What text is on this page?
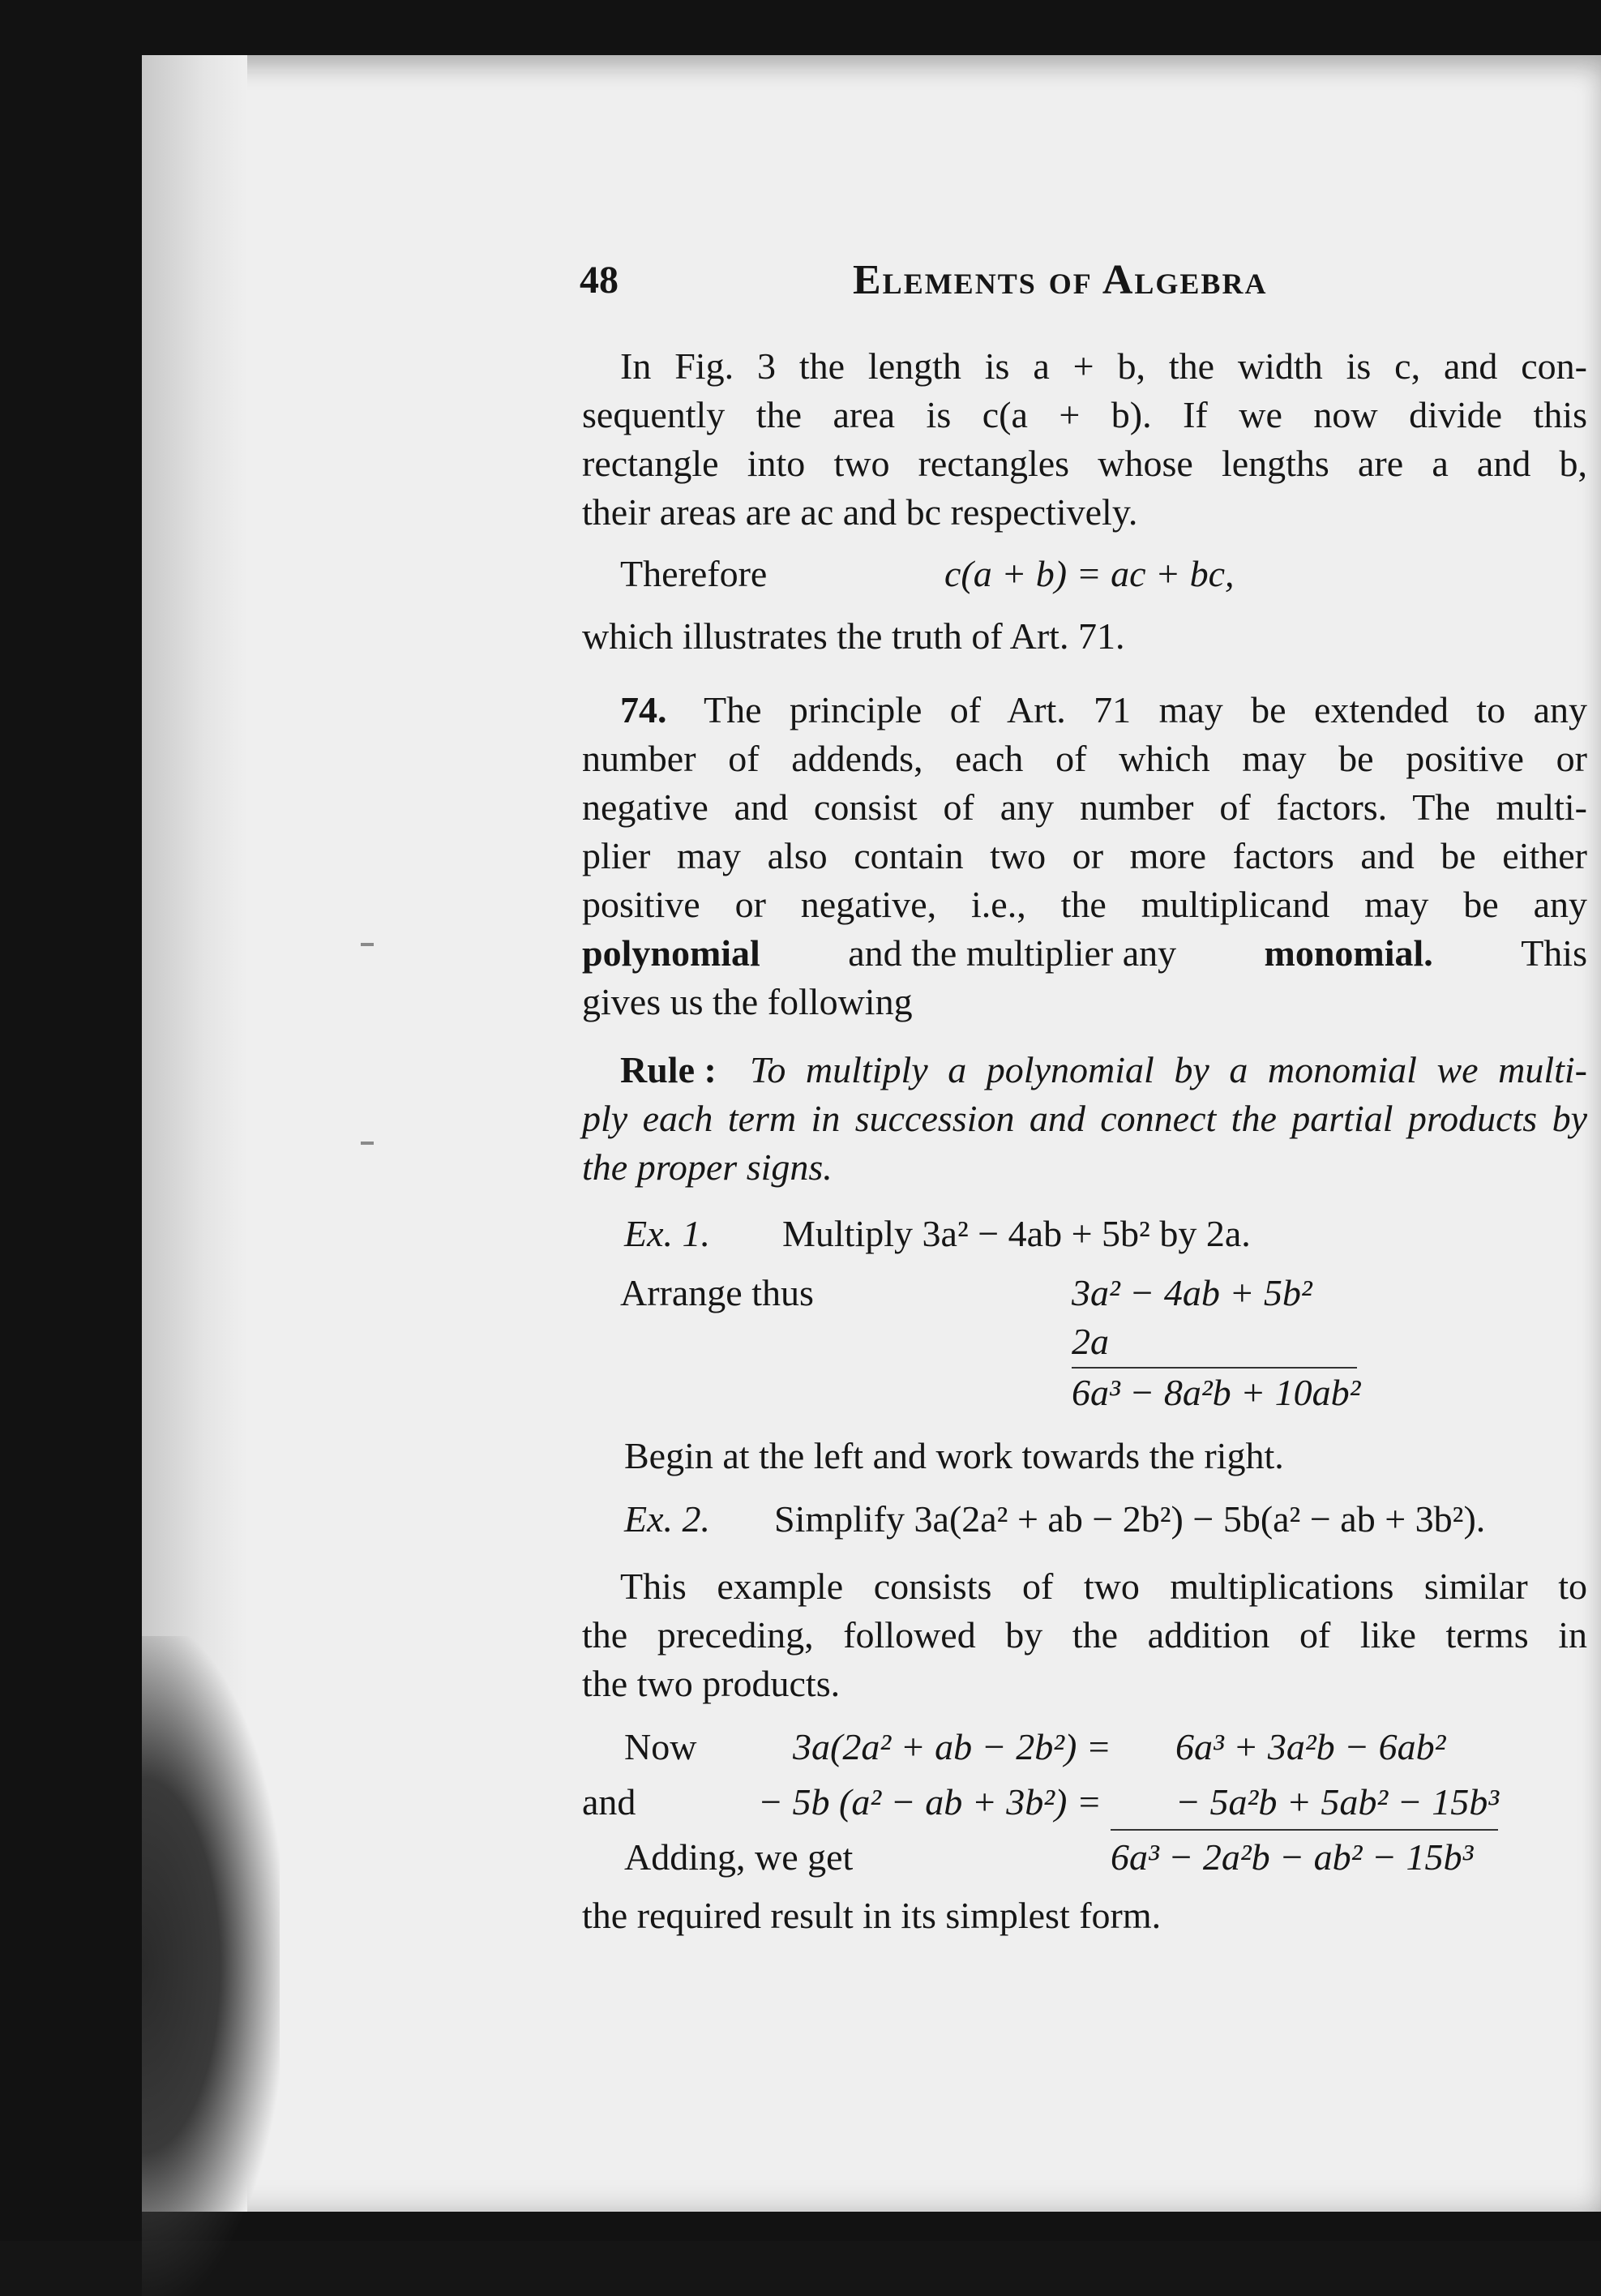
48	Elements of Algebra
In Fig. 3 the length is a + b, the width is c, and con-
sequently the area is c(a + b). If we now divide this
rectangle into two rectangles whose lengths are a and b,
their areas are ac and bc respectively.
Therefore	c(a + b) = ac + bc,
which illustrates the truth of Art. 71.
74. The principle of Art. 71 may be extended to any
number of addends, each of which may be positive or
negative and consist of any number of factors. The multi-
plier may also contain two or more factors and be either
positive or negative, i.e., the multiplicand may be any
polynomial and the multiplier any monomial. This
gives us the following
Rule : To multiply a polynomial by a monomial we multi-
ply each term in succession and connect the partial products by
the proper signs.
Ex. 1. Multiply 3a² − 4ab + 5b² by 2a.
Arrange thus	3a² − 4ab + 5b²
2a
6a³ − 8a²b + 10ab²
Begin at the left and work towards the right.
Ex. 2. Simplify 3a(2a² + ab − 2b²) − 5b(a² − ab + 3b²).
This example consists of two multiplications similar to
the preceding, followed by the addition of like terms in
the two products.
Now	3a(2a² + ab − 2b²) = 6a³ + 3a²b − 6ab²
and	− 5b (a² − ab + 3b²) = − 5a²b + 5ab² − 15b³
Adding, we get	6a³ − 2a²b − ab² − 15b³
the required result in its simplest form.
